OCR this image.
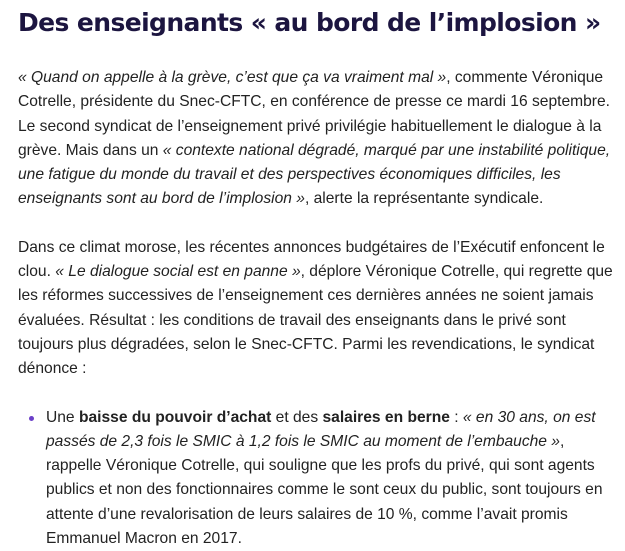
Des enseignants « au bord de l’implosion »

« Quand on appelle à la grève, c’est que ça va vraiment mal », commente Véronique Cotrelle, présidente du Snec-CFTC, en conférence de presse ce mardi 16 septembre. Le second syndicat de l’enseignement privé privilégie habituellement le dialogue à la grève. Mais dans un « contexte national dégradé, marqué par une instabilité politique, une fatigue du monde du travail et des perspectives économiques difficiles, les enseignants sont au bord de l’implosion », alerte la représentante syndicale.

Dans ce climat morose, les récentes annonces budgétaires de l’Exécutif enfoncent le clou. « Le dialogue social est en panne », déplore Véronique Cotrelle, qui regrette que les réformes successives de l’enseignement ces dernières années ne soient jamais évaluées. Résultat : les conditions de travail des enseignants dans le privé sont toujours plus dégradées, selon le Snec-CFTC. Parmi les revendications, le syndicat dénonce :

Une baisse du pouvoir d’achat et des salaires en berne : « en 30 ans, on est passés de 2,3 fois le SMIC à 1,2 fois le SMIC au moment de l’embauche », rappelle Véronique Cotrelle, qui souligne que les profs du privé, qui sont agents publics et non des fonctionnaires comme le sont ceux du public, sont toujours en attente d’une revalorisation de leurs salaires de 10 %, comme l’avait promis Emmanuel Macron en 2017.
